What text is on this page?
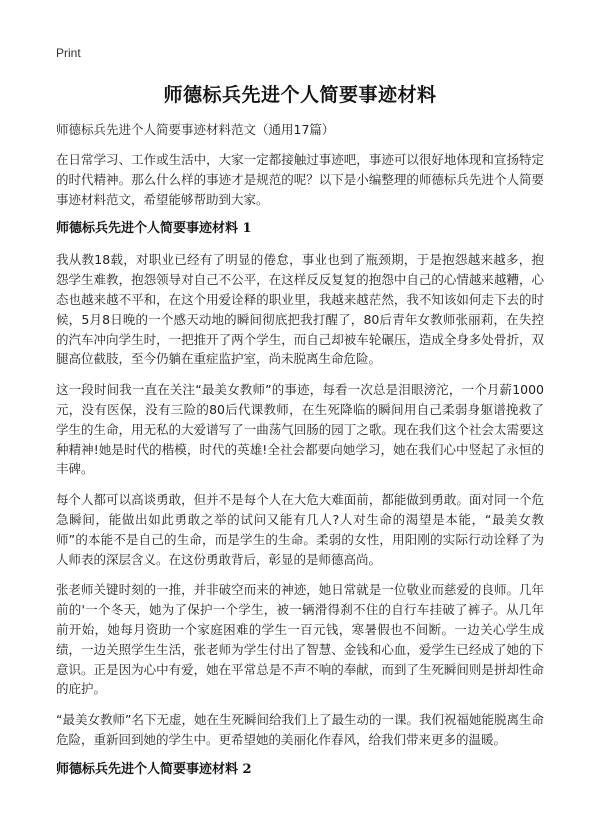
Print
师德标兵先进个人简要事迹材料
师德标兵先进个人简要事迹材料范文（通用17篇）

在日常学习、工作或生活中，大家一定都接触过事迹吧，事迹可以很好地体现和宣扬特定的时代精神。那么什么样的事迹才是规范的呢？以下是小编整理的师德标兵先进个人简要事迹材料范文，希望能够帮助到大家。

师德标兵先进个人简要事迹材料 1

我从教18载，对职业已经有了明显的倦怠，事业也到了瓶颈期，于是抱怨越来越多，抱怨学生难教，抱怨领导对自己不公平，在这样反反复复的抱怨中自己的心情越来越糟，心态也越来越不平和，在这个用爱诠释的职业里，我越来越茫然，我不知该如何走下去的时候，5月8日晚的一个感天动地的瞬间彻底把我打醒了，80后青年女教师张丽莉，在失控的汽车冲向学生时，一把推开了两个学生，而自己却被车轮碾压，造成全身多处骨折，双腿高位截肢，至今仍躺在重症监护室，尚未脱离生命危险。

这一段时间我一直在关注“最美女教师”的事迹，每看一次总是泪眼滂沱，一个月薪1000元，没有医保，没有三险的80后代课教师，在生死降临的瞬间用自己柔弱身躯谱挽救了学生的生命，用无私的大爱谱写了一曲荡气回肠的园丁之歌。现在我们这个社会太需要这种精神!她是时代的楷模，时代的英雄!全社会都要向她学习，她在我们心中竖起了永恒的丰碑。

每个人都可以高谈勇敢，但并不是每个人在大危大难面前，都能做到勇敢。面对同一个危急瞬间，能做出如此勇敢之举的试问又能有几人?人对生命的渴望是本能，“最美女教师”的本能不是自己的生命，而是学生的生命。柔弱的女性，用阳刚的实际行动诠释了为人师表的深层含义。在这份勇敢背后，彰显的是师德高尚。

张老师关键时刻的一推，并非破空而来的神迹，她日常就是一位敬业而慈爱的良师。几年前的'一个冬天，她为了保护一个学生，被一辆滑得刹不住的自行车挂破了裤子。从几年前开始，她每月资助一个家庭困难的学生一百元钱，寒暑假也不间断。一边关心学生成绩，一边关照学生生活，张老师为学生付出了智慧、金钱和心血，爱学生已经成了她的下意识。正是因为心中有爱，她在平常总是不声不响的奉献，而到了生死瞬间则是拼却性命的庇护。

“最美女教师”名下无虚，她在生死瞬间给我们上了最生动的一课。我们祝福她能脱离生命危险，重新回到她的学生中。更希望她的美丽化作春风，给我们带来更多的温暖。

师德标兵先进个人简要事迹材料 2
